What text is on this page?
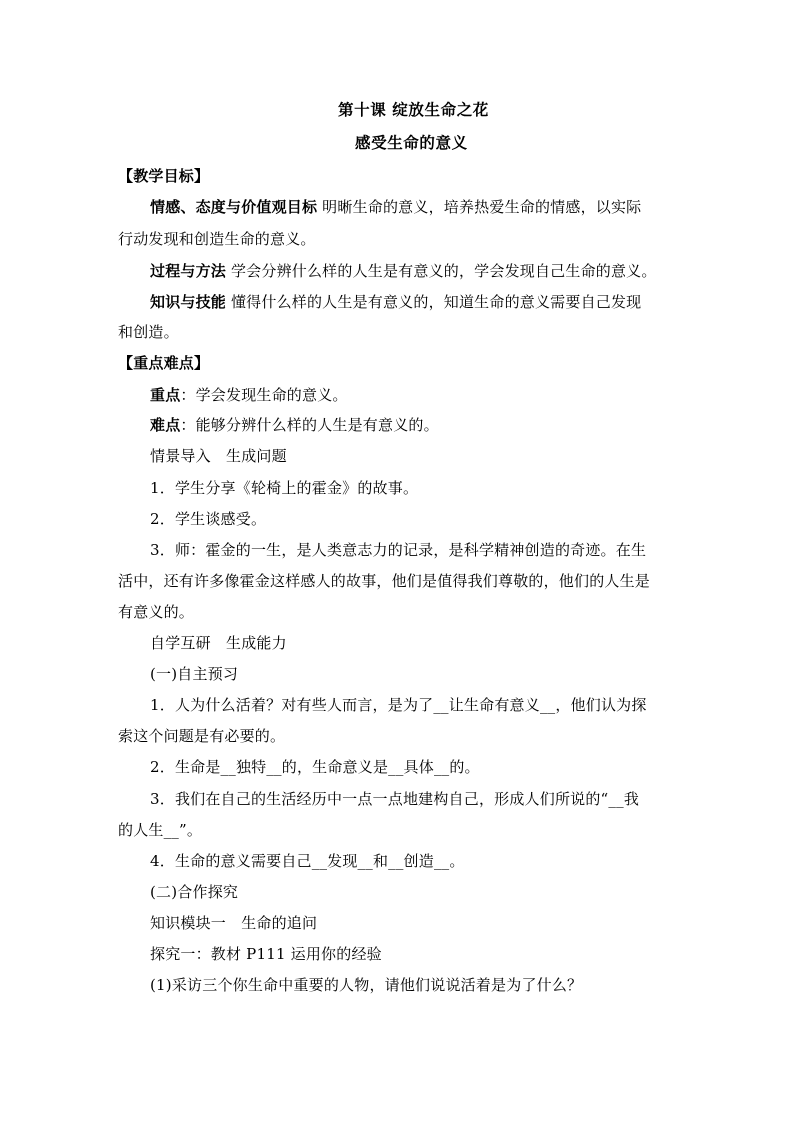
第十课 绽放生命之花
感受生命的意义
【教学目标】
情感、态度与价值观目标 明晰生命的意义，培养热爱生命的情感，以实际
行动发现和创造生命的意义。
过程与方法 学会分辨什么样的人生是有意义的，学会发现自己生命的意义。
知识与技能 懂得什么样的人生是有意义的，知道生命的意义需要自己发现
和创造。
【重点难点】
重点：学会发现生命的意义。
难点：能够分辨什么样的人生是有意义的。
情景导入　生成问题
1．学生分享《轮椅上的霍金》的故事。
2．学生谈感受。
3．师：霍金的一生，是人类意志力的记录，是科学精神创造的奇迹。在生
活中，还有许多像霍金这样感人的故事，他们是值得我们尊敬的，他们的人生是
有意义的。
自学互研　生成能力
(一)自主预习
1．人为什么活着？对有些人而言，是为了__让生命有意义__，他们认为探
索这个问题是有必要的。
2．生命是__独特__的，生命意义是__具体__的。
3．我们在自己的生活经历中一点一点地建构自己，形成人们所说的“__我
的人生__”。
4．生命的意义需要自己__发现__和__创造__。
(二)合作探究
知识模块一　生命的追问
探究一：教材 P111 运用你的经验
(1)采访三个你生命中重要的人物，请他们说说活着是为了什么？
